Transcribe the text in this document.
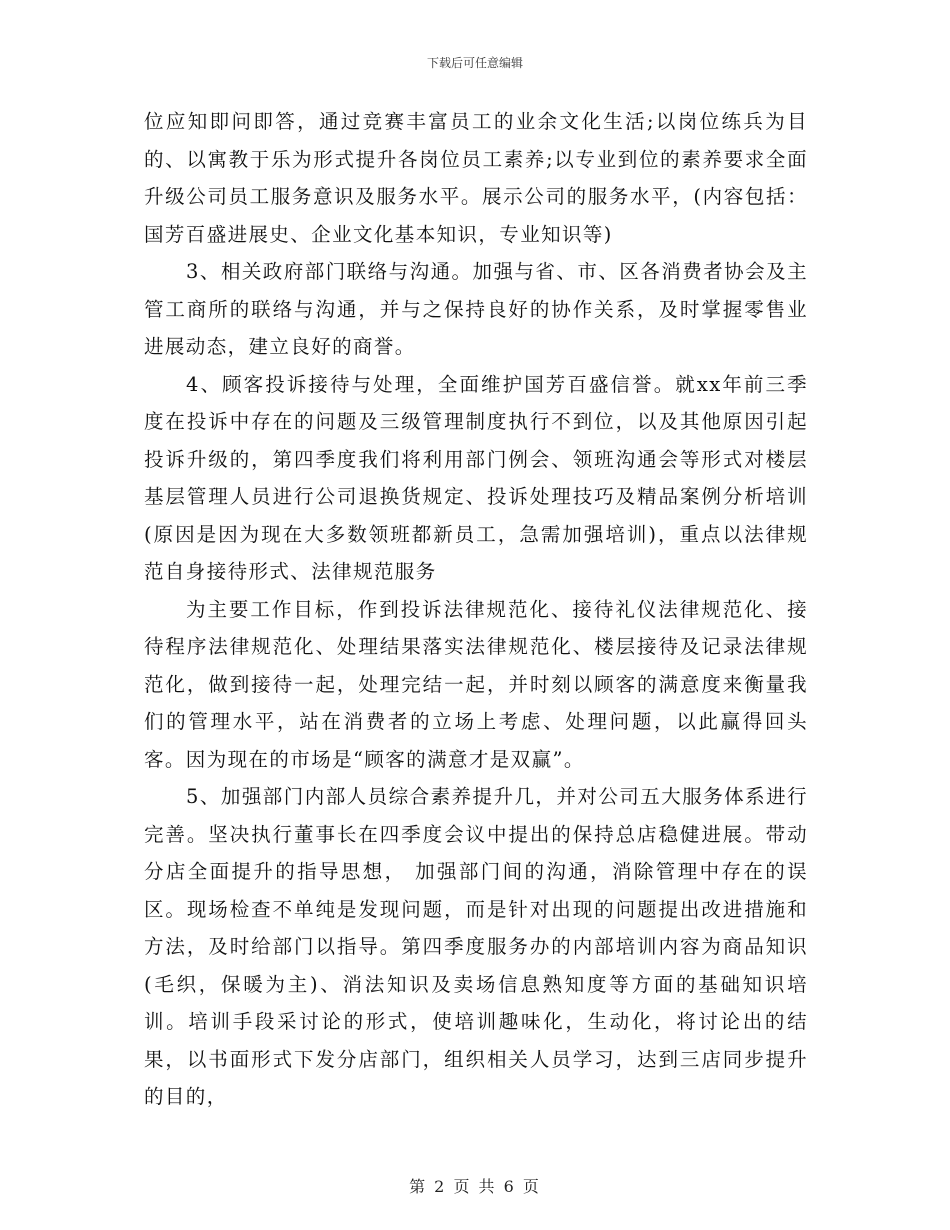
下载后可任意编辑

位应知即问即答，通过竞赛丰富员工的业余文化生活;以岗位练兵为目的、以寓教于乐为形式提升各岗位员工素养;以专业到位的素养要求全面升级公司员工服务意识及服务水平。展示公司的服务水平，(内容包括：国芳百盛进展史、企业文化基本知识，专业知识等)

3、相关政府部门联络与沟通。加强与省、市、区各消费者协会及主管工商所的联络与沟通，并与之保持良好的协作关系，及时掌握零售业进展动态，建立良好的商誉。

4、顾客投诉接待与处理，全面维护国芳百盛信誉。就xx年前三季度在投诉中存在的问题及三级管理制度执行不到位，以及其他原因引起投诉升级的，第四季度我们将利用部门例会、领班沟通会等形式对楼层基层管理人员进行公司退换货规定、投诉处理技巧及精品案例分析培训(原因是因为现在大多数领班都新员工，急需加强培训)，重点以法律规范自身接待形式、法律规范服务

为主要工作目标，作到投诉法律规范化、接待礼仪法律规范化、接待程序法律规范化、处理结果落实法律规范化、楼层接待及记录法律规范化，做到接待一起，处理完结一起，并时刻以顾客的满意度来衡量我们的管理水平，站在消费者的立场上考虑、处理问题，以此赢得回头客。因为现在的市场是“顾客的满意才是双赢”。

5、加强部门内部人员综合素养提升几，并对公司五大服务体系进行完善。坚决执行董事长在四季度会议中提出的保持总店稳健进展。带动分店全面提升的指导思想， 加强部门间的沟通，消除管理中存在的误区。现场检查不单纯是发现问题，而是针对出现的问题提出改进措施和方法，及时给部门以指导。第四季度服务办的内部培训内容为商品知识(毛织，保暖为主)、消法知识及卖场信息熟知度等方面的基础知识培训。培训手段采讨论的形式，使培训趣味化，生动化，将讨论出的结果，以书面形式下发分店部门，组织相关人员学习，达到三店同步提升的目的，

第 2 页 共 6 页
